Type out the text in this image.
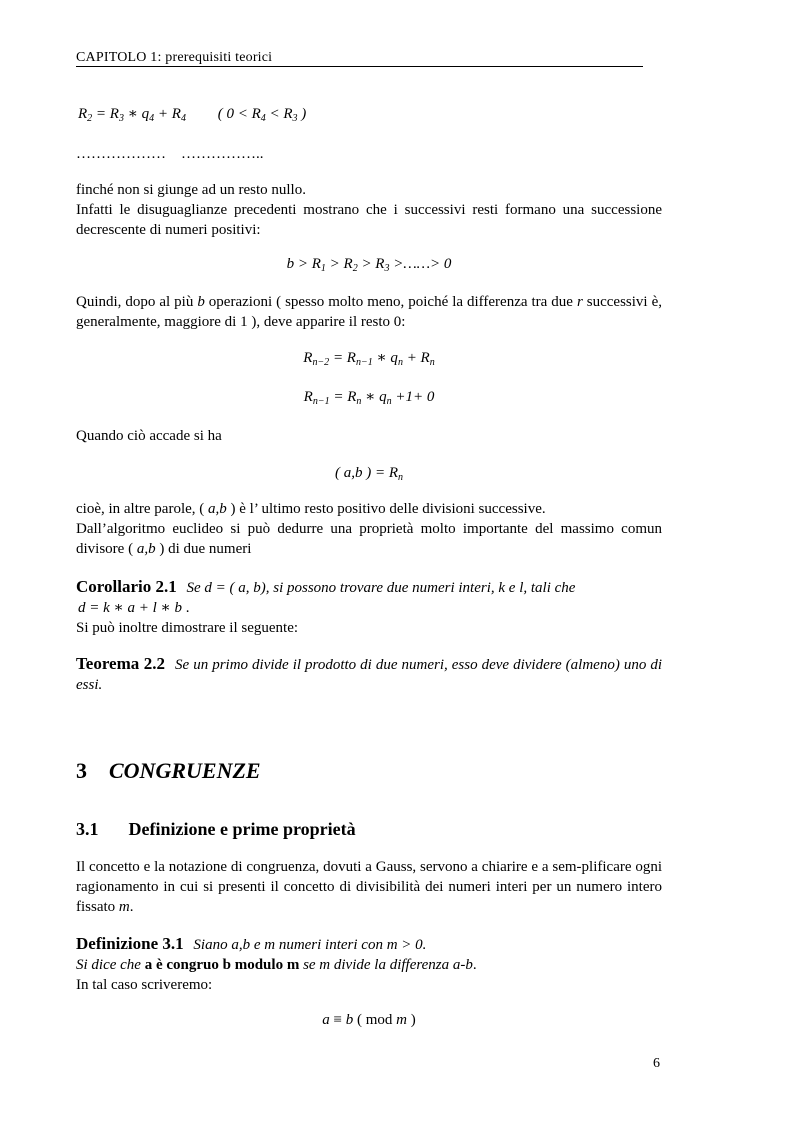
CAPITOLO 1: prerequisiti teorici
$R_2 = R_3$ ∗ $q_4 + R_4$ ( $0 < R_4 < R_3$ )
………………    ……………..
finché non si giunge ad un resto nullo.
Infatti le disuguaglianze precedenti mostrano che i successivi resti formano una successione decrescente di numeri positivi:
$b > R_1 > R_2 > R_3$ >……> 0
Quindi, dopo al più b operazioni ( spesso molto meno, poiché la differenza tra due r successivi è, generalmente, maggiore di 1 ), deve apparire il resto 0:
$R_{n-2} = R_{n-1}$ ∗ $q_n + R_n$
$R_{n-1} = R_n$ ∗ $q_n +1+ 0$
Quando ciò accade si ha
( a,b ) = $R_n$
cioè, in altre parole, ( a,b ) è l’ ultimo resto positivo delle divisioni successive.
Dall’algoritmo euclideo si può dedurre una proprietà molto importante del massimo comun divisore ( a,b ) di due numeri
Corollario 2.1 Se d = ( a, b), si possono trovare due numeri interi, k e l, tali che
d = k ∗ a + l ∗ b .
Si può inoltre dimostrare il seguente:
Teorema 2.2 Se un primo divide il prodotto di due numeri, esso deve dividere (almeno) uno di essi.
3 CONGRUENZE
3.1 Definizione e prime proprietà
Il concetto e la notazione di congruenza, dovuti a Gauss, servono a chiarire e a sem-plificare ogni ragionamento in cui si presenti il concetto di divisibilità dei numeri interi per un numero intero fissato m.
Definizione 3.1 Siano a,b e m numeri interi con m > 0.
Si dice che a è congruo b modulo m se m divide la differenza a-b.
In tal caso scriveremo:
a ≡ b ( mod m )
6
